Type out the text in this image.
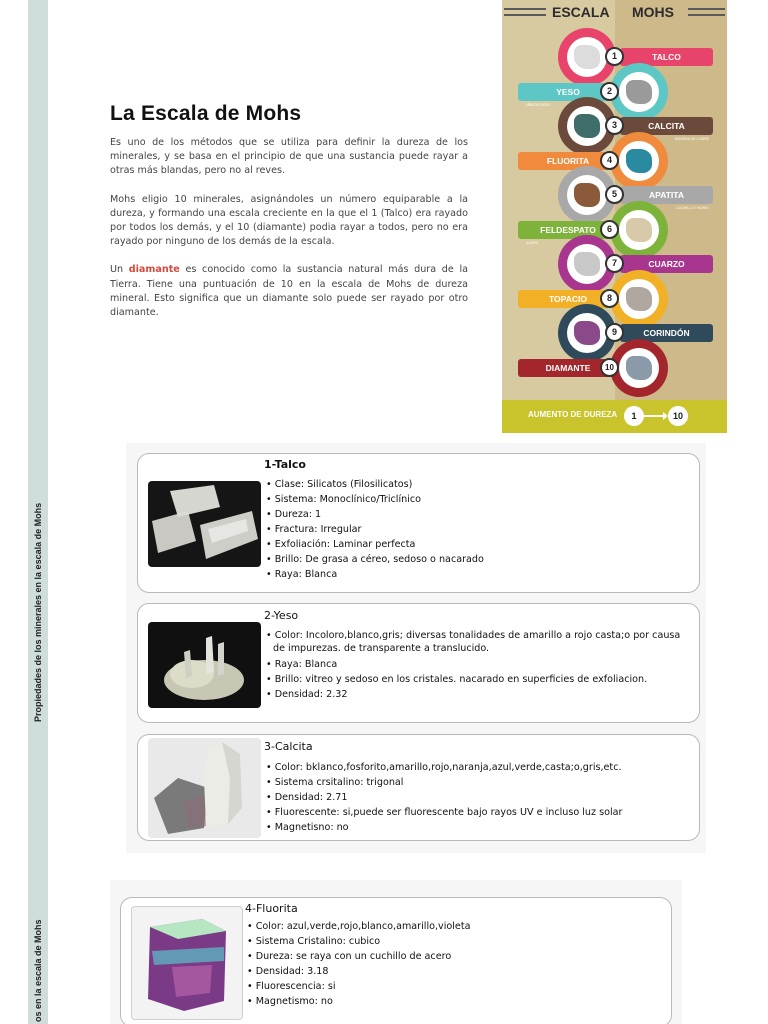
Propiedades de los minerales en la escala de Mohs
os en la escala de Mohs
La Escala de Mohs

Es uno de los métodos que se utiliza para definir la dureza de los minerales, y se basa en el principio de que una sustancia puede rayar a otras más blandas, pero no al reves.

Mohs eligio 10 minerales, asignándoles un número equiparable a la dureza, y formando una escala creciente en la que el 1 (Talco) era rayado por todos los demás, y el 10 (diamante) podia rayar a todos, pero no era rayado por ninguno de los demás de la escala.

Un diamante es conocido como la sustancia natural más dura de la Tierra. Tiene una puntuación de 10 en la escala de Mohs de dureza mineral. Esto significa que un diamante solo puede ser rayado por otro diamante.

ESCALA MOHS
TALCO
1
YESO
UÑA DE DEDO
2
CALCITA
MONEDA DE COBRE
3
FLUORITA	4
APATITA
CUCHILLO / VIDRIO
5
FELDESPATO
ACERO
6
CUARZO
7
TOPACIO	8
CORINDÓN
9
DIAMANTE	10
AUMENTO DE DUREZA	1	10
1-Talco
• Clase: Silicatos (Filosilicatos)
• Sistema: Monoclínico/Triclínico
• Dureza: 1
• Fractura: Irregular
• Exfoliación: Laminar perfecta
• Brillo: De grasa a céreo, sedoso o nacarado
• Raya: Blanca
2-Yeso
• Color: Incoloro,blanco,gris; diversas tonalidades de amarillo a rojo casta;o por causa de impurezas. de transparente a translucido.
• Raya: Blanca
• Brillo: vitreo y sedoso en los cristales. nacarado en superficies de exfoliacion.
• Densidad: 2.32
3-Calcita
• Color: bklanco,fosforito,amarillo,rojo,naranja,azul,verde,casta;o,gris,etc.
• Sistema crsitalino: trigonal
• Densidad: 2.71
• Fluorescente: si,puede ser fluorescente bajo rayos UV e incluso luz solar
• Magnetisno: no
4-Fluorita
• Color: azul,verde,rojo,blanco,amarillo,violeta
• Sistema Cristalino: cubico
• Dureza: se raya con un cuchillo de acero
• Densidad: 3.18
• Fluorescencia: si
• Magnetismo: no
